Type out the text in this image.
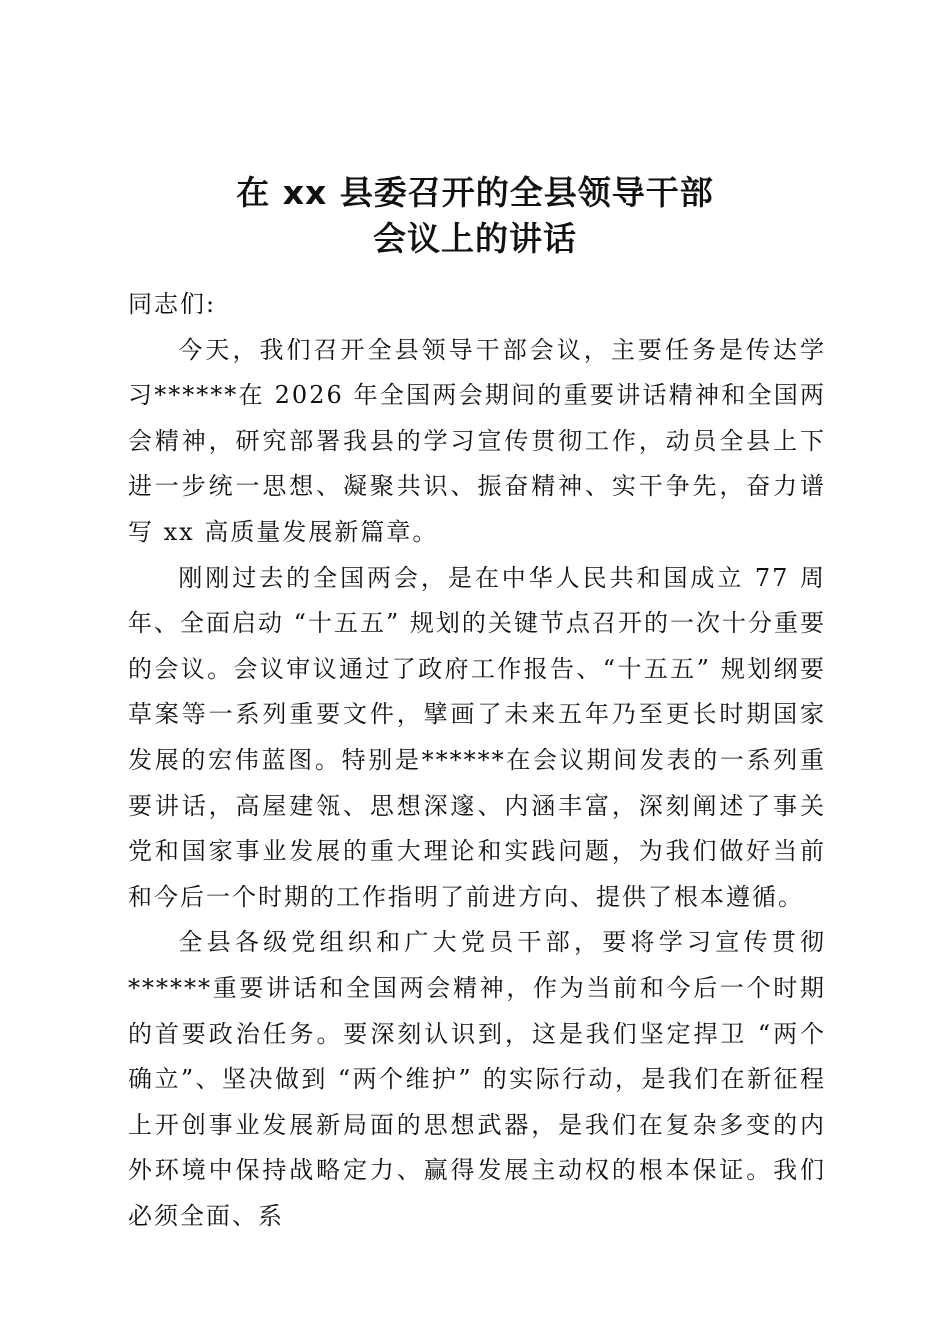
在 xx 县委召开的全县领导干部
会议上的讲话

同志们:

今天，我们召开全县领导干部会议，主要任务是传达学习******在 2026 年全国两会期间的重要讲话精神和全国两会精神，研究部署我县的学习宣传贯彻工作，动员全县上下进一步统一思想、凝聚共识、振奋精神、实干争先，奋力谱写 xx 高质量发展新篇章。

刚刚过去的全国两会，是在中华人民共和国成立 77 周年、全面启动 “十五五” 规划的关键节点召开的一次十分重要的会议。会议审议通过了政府工作报告、“十五五” 规划纲要草案等一系列重要文件，擘画了未来五年乃至更长时期国家发展的宏伟蓝图。特别是******在会议期间发表的一系列重要讲话，高屋建瓴、思想深邃、内涵丰富，深刻阐述了事关党和国家事业发展的重大理论和实践问题，为我们做好当前和今后一个时期的工作指明了前进方向、提供了根本遵循。

全县各级党组织和广大党员干部，要将学习宣传贯彻******重要讲话和全国两会精神，作为当前和今后一个时期的首要政治任务。要深刻认识到，这是我们坚定捍卫 “两个确立”、坚决做到 “两个维护” 的实际行动，是我们在新征程上开创事业发展新局面的思想武器，是我们在复杂多变的内外环境中保持战略定力、赢得发展主动权的根本保证。我们必须全面、系
